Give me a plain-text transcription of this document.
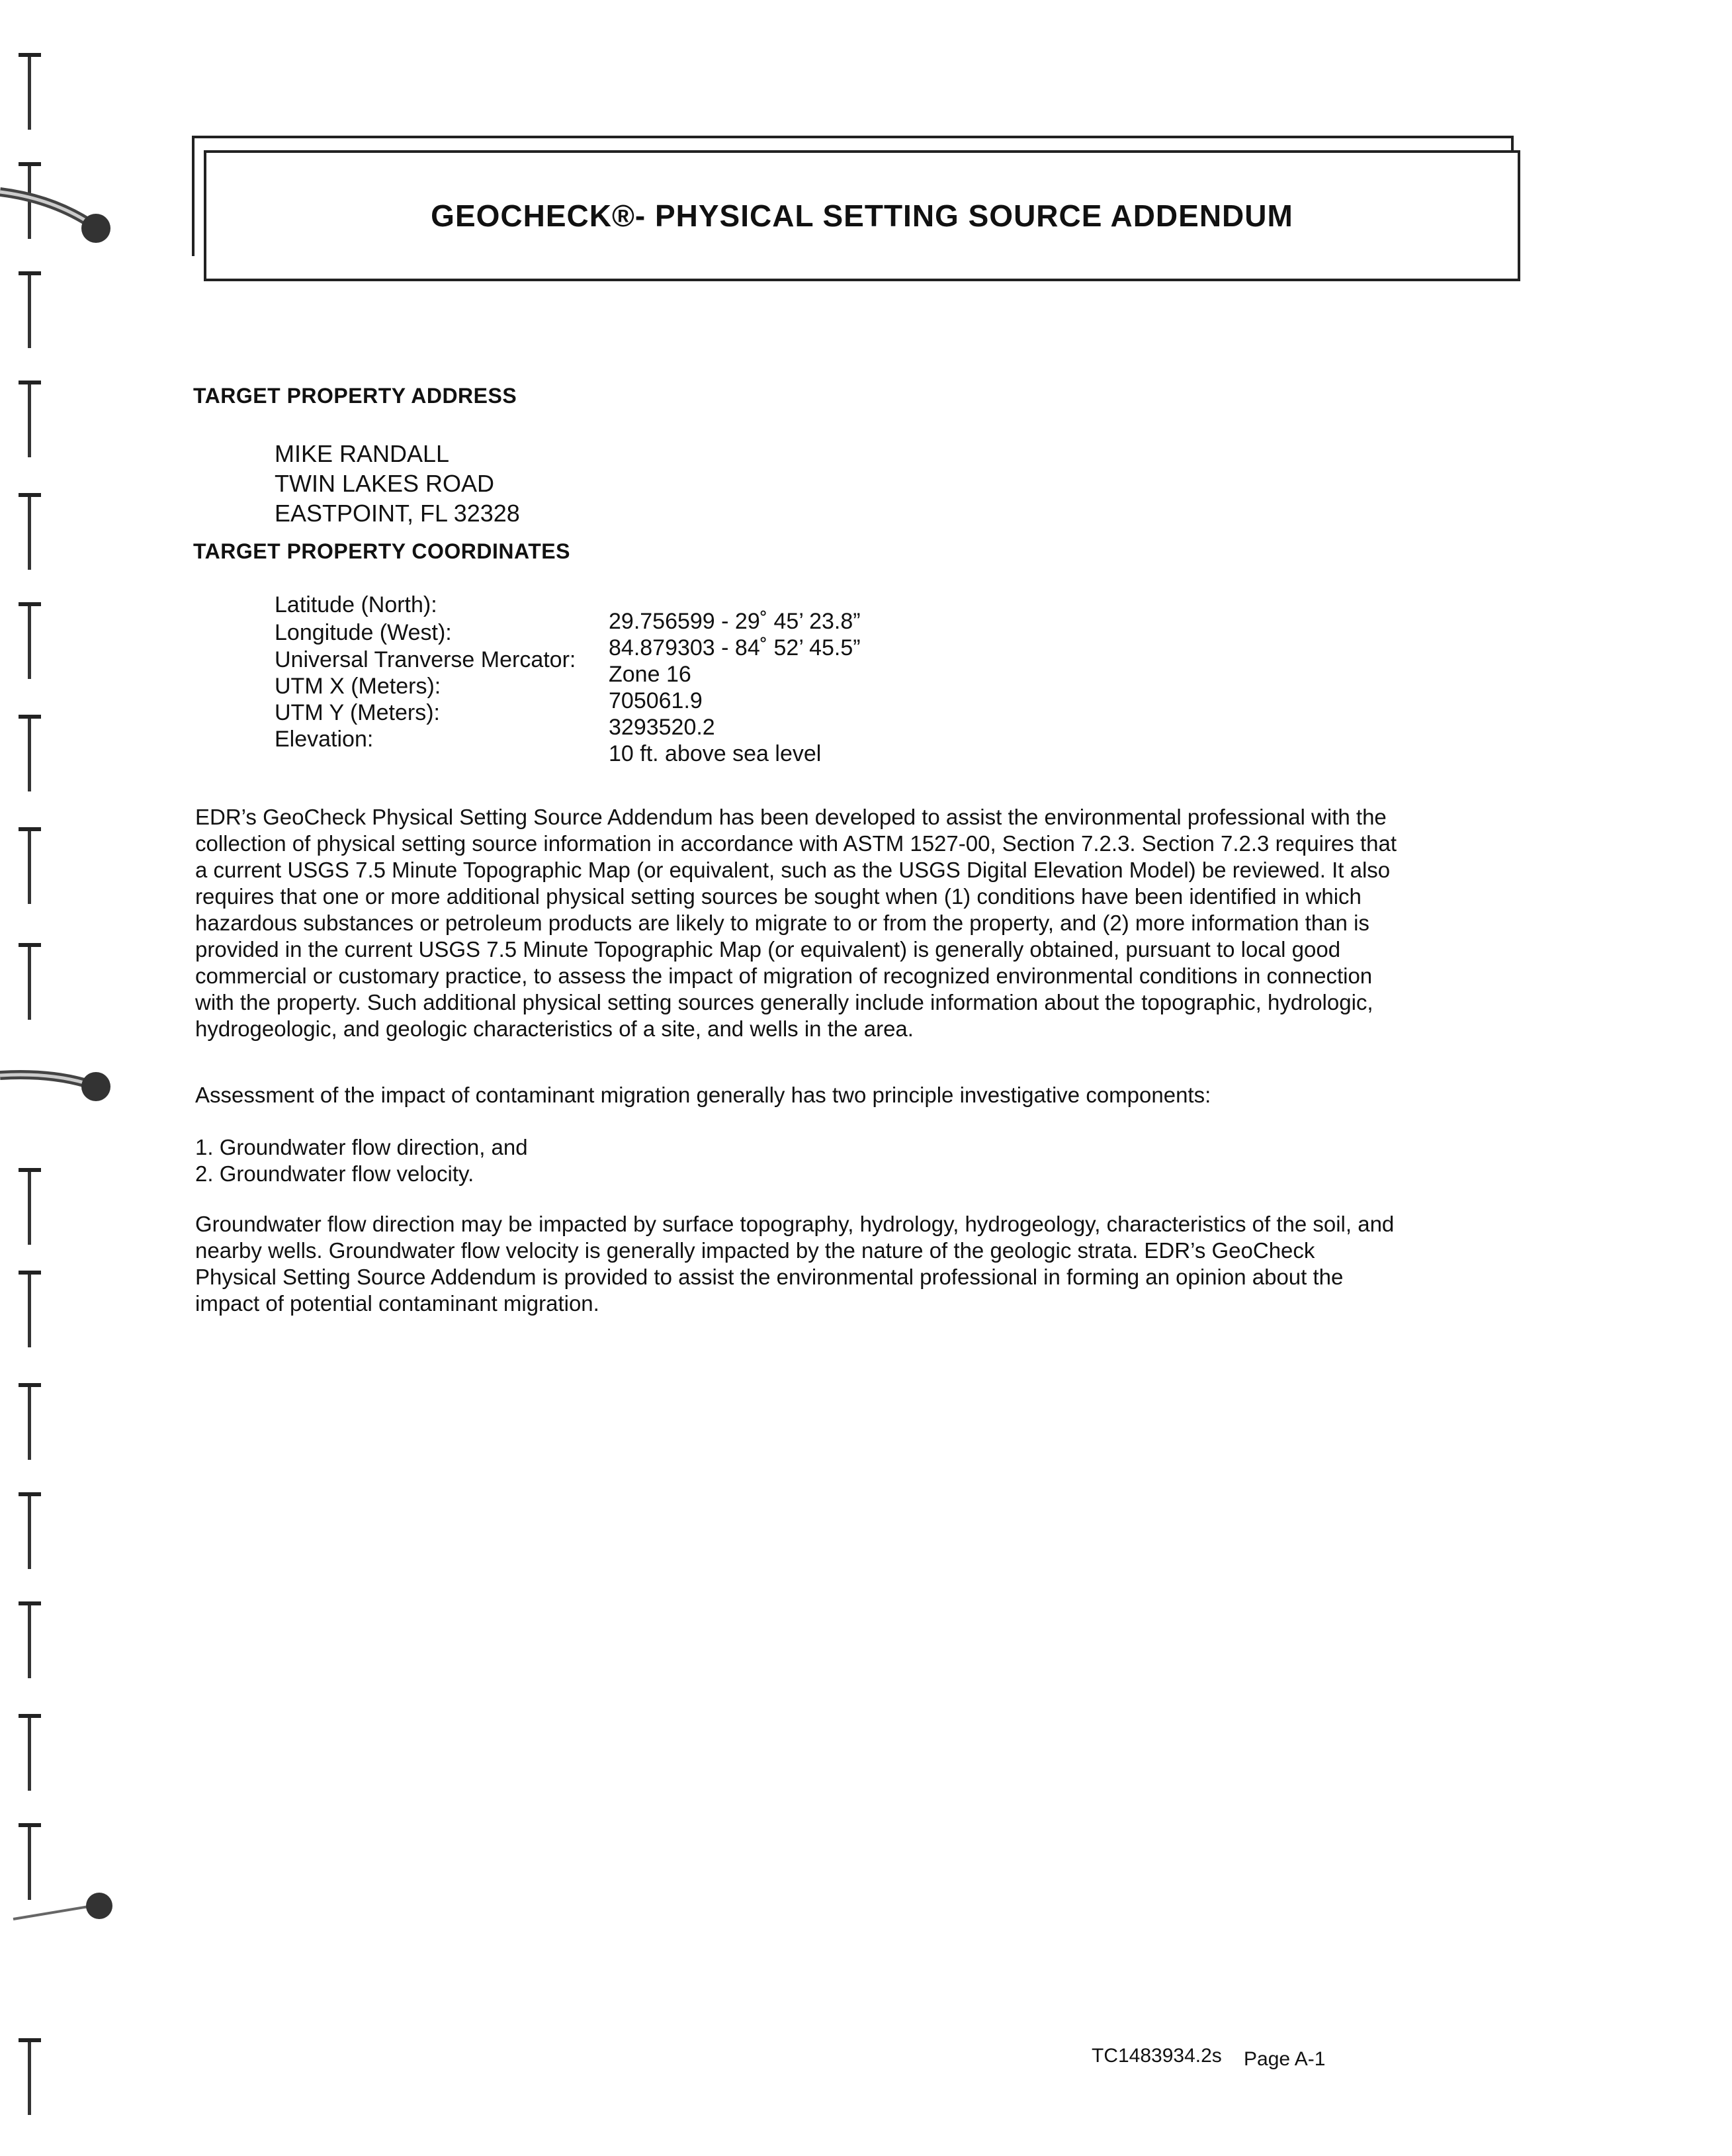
GEOCHECK®- PHYSICAL SETTING SOURCE ADDENDUM
TARGET PROPERTY ADDRESS
MIKE RANDALL
TWIN LAKES ROAD
EASTPOINT, FL 32328
TARGET PROPERTY COORDINATES
Latitude (North):
29.756599 - 29˚ 45’ 23.8”
Longitude (West):
84.879303 - 84˚ 52’ 45.5”
Universal Tranverse Mercator:
Zone 16
UTM X (Meters):
705061.9
UTM Y (Meters):
3293520.2
Elevation:
10 ft. above sea level
EDR’s GeoCheck Physical Setting Source Addendum has been developed to assist the environmental professional with the collection of physical setting source information in accordance with ASTM 1527-00, Section 7.2.3. Section 7.2.3 requires that a current USGS 7.5 Minute Topographic Map (or equivalent, such as the USGS Digital Elevation Model) be reviewed. It also requires that one or more additional physical setting sources be sought when (1) conditions have been identified in which hazardous substances or petroleum products are likely to migrate to or from the property, and (2) more information than is provided in the current USGS 7.5 Minute Topographic Map (or equivalent) is generally obtained, pursuant to local good commercial or customary practice, to assess the impact of migration of recognized environmental conditions in connection with the property. Such additional physical setting sources generally include information about the topographic, hydrologic, hydrogeologic, and geologic characteristics of a site, and wells in the area.
Assessment of the impact of contaminant migration generally has two principle investigative components:
1. Groundwater flow direction, and
2. Groundwater flow velocity.
Groundwater flow direction may be impacted by surface topography, hydrology, hydrogeology, characteristics of the soil, and nearby wells. Groundwater flow velocity is generally impacted by the nature of the geologic strata. EDR’s GeoCheck Physical Setting Source Addendum is provided to assist the environmental professional in forming an opinion about the impact of potential contaminant migration.
TC1483934.2s Page A-1
